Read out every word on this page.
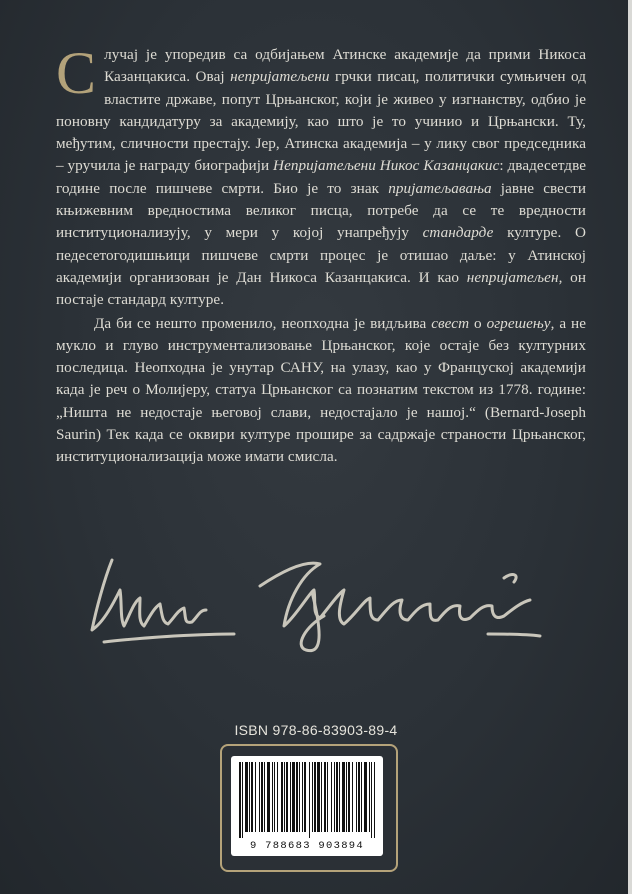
Случај је упоредив са одбијањем Атинске академије да прими Никоса Казанцакиса. Овај непријатељени грчки писац, политички сумњичен од властите државе, попут Црњанског, који је живео у изгнанству, одбио је поновну кандидатуру за академију, као што је то учинио и Црњански. Ту, међутим, сличности престају. Јер, Атинска академија – у лику свог председника – уручила је награду биографији Непријатељени Никос Казанцакис: двадесетдве године после пишчеве смрти. Био је то знак пријатељавања јавне свести књижевним вредностима великог писца, потребе да се те вредности институционализују, у мери у којој унапређују стандарде културе. О педесетогодишњици пишчеве смрти процес је отишао даље: у Атинској академији организован је Дан Никоса Казанцакиса. И као непријатељен, он постаје стандард културе.

Да би се нешто променило, неопходна је видљива свест о огрешењу, а не мукло и глуво инструментализовање Црњанског, које остаје без културних последица. Неопходна је унутар САНУ, на улазу, као у Француској академији када је реч о Молијеру, статуа Црњанског са познатим текстом из 1778. године: „Ништа не недостаје његовој слави, недостајало је нашој.“ (Bernard-Joseph Saurin) Тек када се оквири културе прошире за садржаје странoсти Црњанског, институционализација може имати смисла.

ISBN 978-86-83903-89-4
9 788683 903894
